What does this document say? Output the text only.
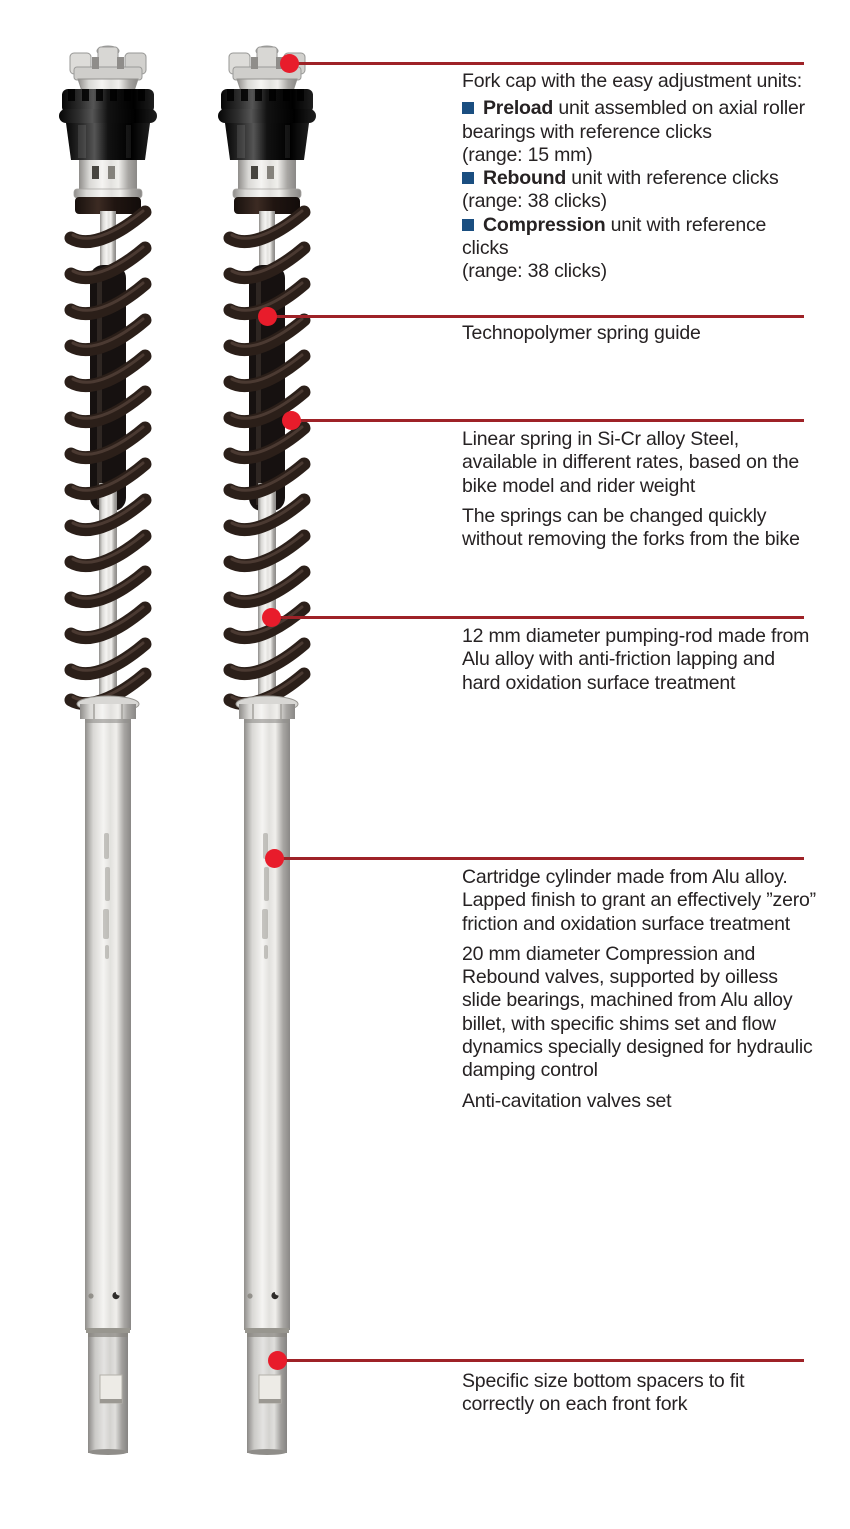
Fork cap with the easy adjustment units:

Preload unit assembled on axial roller bearings with reference clicks
(range: 15 mm)

Rebound unit with reference clicks
(range: 38 clicks)

Compression unit with reference clicks
(range: 38 clicks)

Technopolymer spring guide

Linear spring in Si-Cr alloy Steel, available in different rates, based on the bike model and rider weight

The springs can be changed quickly without removing the forks from the bike

12 mm diameter pumping-rod made from Alu alloy with anti-friction lapping and hard oxidation surface treatment

Cartridge cylinder made from Alu alloy. Lapped finish to grant an effectively ”zero” friction and oxidation surface treatment

20 mm diameter Compression and Rebound valves, supported by oilless slide bearings, machined from Alu alloy billet, with specific shims set and flow dynamics specially designed for hydraulic damping control

Anti-cavitation valves set

Specific size bottom spacers to fit correctly on each front fork
